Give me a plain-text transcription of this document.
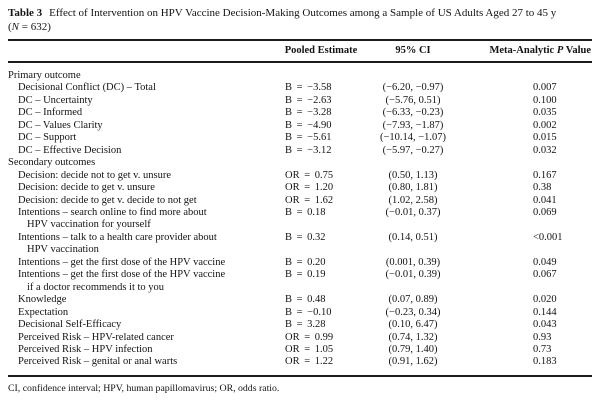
Table 3 Effect of Intervention on HPV Vaccine Decision-Making Outcomes among a Sample of US Adults Aged 27 to 45 y
(N = 632)
	Pooled Estimate	95% CI	Meta-Analytic P Value
Primary outcome			
Decisional Conflict (DC) – Total	B = −3.58	(−6.20, −0.97)	0.007
DC – Uncertainty	B = −2.63	(−5.76, 0.51)	0.100
DC – Informed	B = −3.28	(−6.33, −0.23)	0.035
DC – Values Clarity	B = −4.90	(−7.93, −1.87)	0.002
DC – Support	B = −5.61	(−10.14, −1.07)	0.015
DC – Effective Decision	B = −3.12	(−5.97, −0.27)	0.032
Secondary outcomes			
Decision: decide not to get v. unsure	OR = 0.75	(0.50, 1.13)	0.167
Decision: decide to get v. unsure	OR = 1.20	(0.80, 1.81)	0.38
Decision: decide to get v. decide to not get	OR = 1.62	(1.02, 2.58)	0.041
Intentions – search online to find more about
HPV vaccination for yourself	B = 0.18	(−0.01, 0.37)	0.069
Intentions – talk to a health care provider about
HPV vaccination	B = 0.32	(0.14, 0.51)	<0.001
Intentions – get the first dose of the HPV vaccine	B = 0.20	(0.001, 0.39)	0.049
Intentions – get the first dose of the HPV vaccine
if a doctor recommends it to you	B = 0.19	(−0.01, 0.39)	0.067
Knowledge	B = 0.48	(0.07, 0.89)	0.020
Expectation	B = −0.10	(−0.23, 0.34)	0.144
Decisional Self-Efficacy	B = 3.28	(0.10, 6.47)	0.043
Perceived Risk – HPV-related cancer	OR = 0.99	(0.74, 1.32)	0.93
Perceived Risk – HPV infection	OR = 1.05	(0.79, 1.40)	0.73
Perceived Risk – genital or anal warts	OR = 1.22	(0.91, 1.62)	0.183
CI, confidence interval; HPV, human papillomavirus; OR, odds ratio.
